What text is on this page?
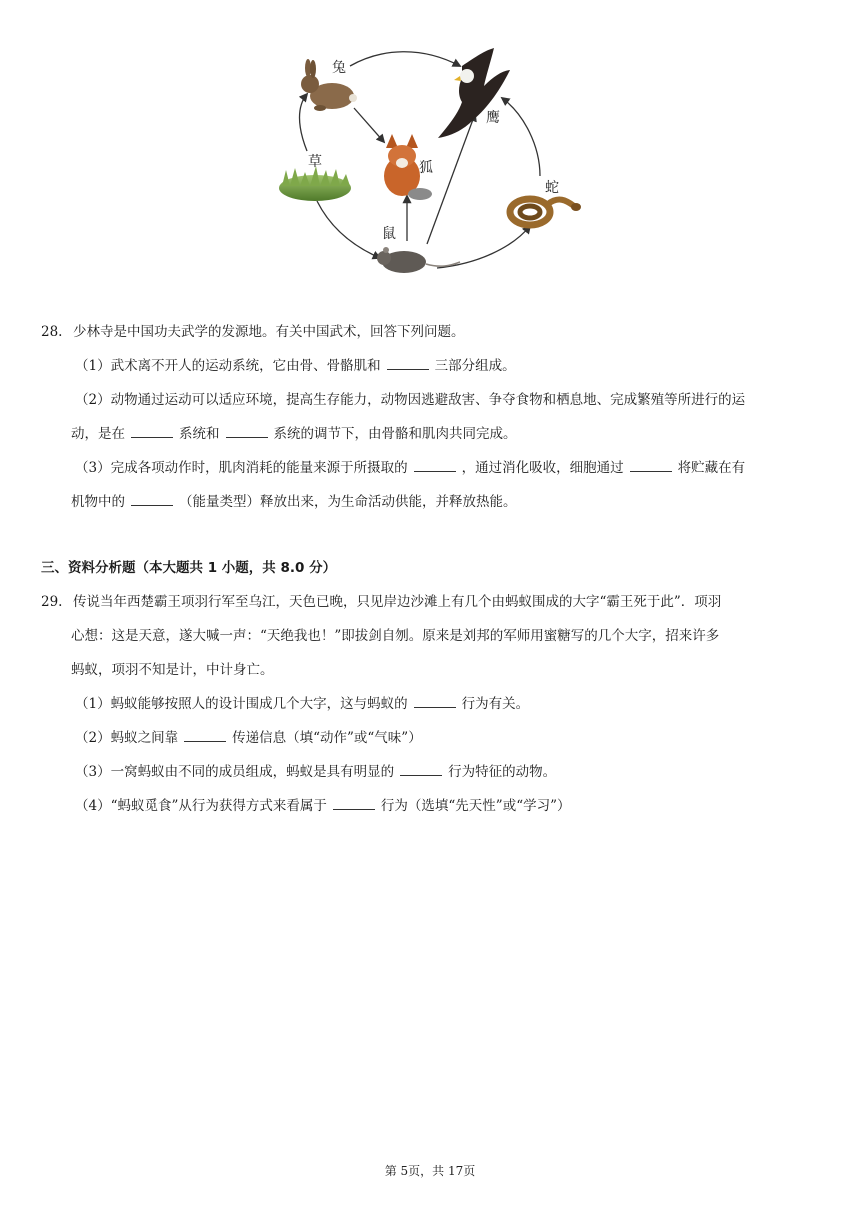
兔
鹰
草	狐
鼠
蛇
28. 少林寺是中国功夫武学的发源地。有关中国武术，回答下列问题。
（1）武术离不开人的运动系统，它由骨、骨骼肌和	三部分组成。
（2）动物通过运动可以适应环境，提高生存能力，动物因逃避敌害、争夺食物和栖息地、完成繁殖等所进行的运
动，是在	系统和	系统的调节下，由骨骼和肌肉共同完成。
（3）完成各项动作时，肌肉消耗的能量来源于所摄取的	，通过消化吸收，细胞通过	将贮藏在有
机物中的	（能量类型）释放出来，为生命活动供能，并释放热能。
三、资料分析题（本大题共 1 小题，共 8.0 分）
29. 传说当年西楚霸王项羽行军至乌江，天色已晚，只见岸边沙滩上有几个由蚂蚁围成的大字“霸王死于此”．项羽
心想：这是天意，遂大喊一声：“天绝我也！”即拔剑自刎。原来是刘邦的军师用蜜糖写的几个大字，招来许多
蚂蚁，项羽不知是计，中计身亡。
（1）蚂蚁能够按照人的设计围成几个大字，这与蚂蚁的	行为有关。
（2）蚂蚁之间靠	传递信息（填“动作”或“气味”）
（3）一窝蚂蚁由不同的成员组成，蚂蚁是具有明显的	行为特征的动物。
（4）“蚂蚁觅食”从行为获得方式来看属于	行为（选填“先天性”或“学习”）
第 5页，共 17页
